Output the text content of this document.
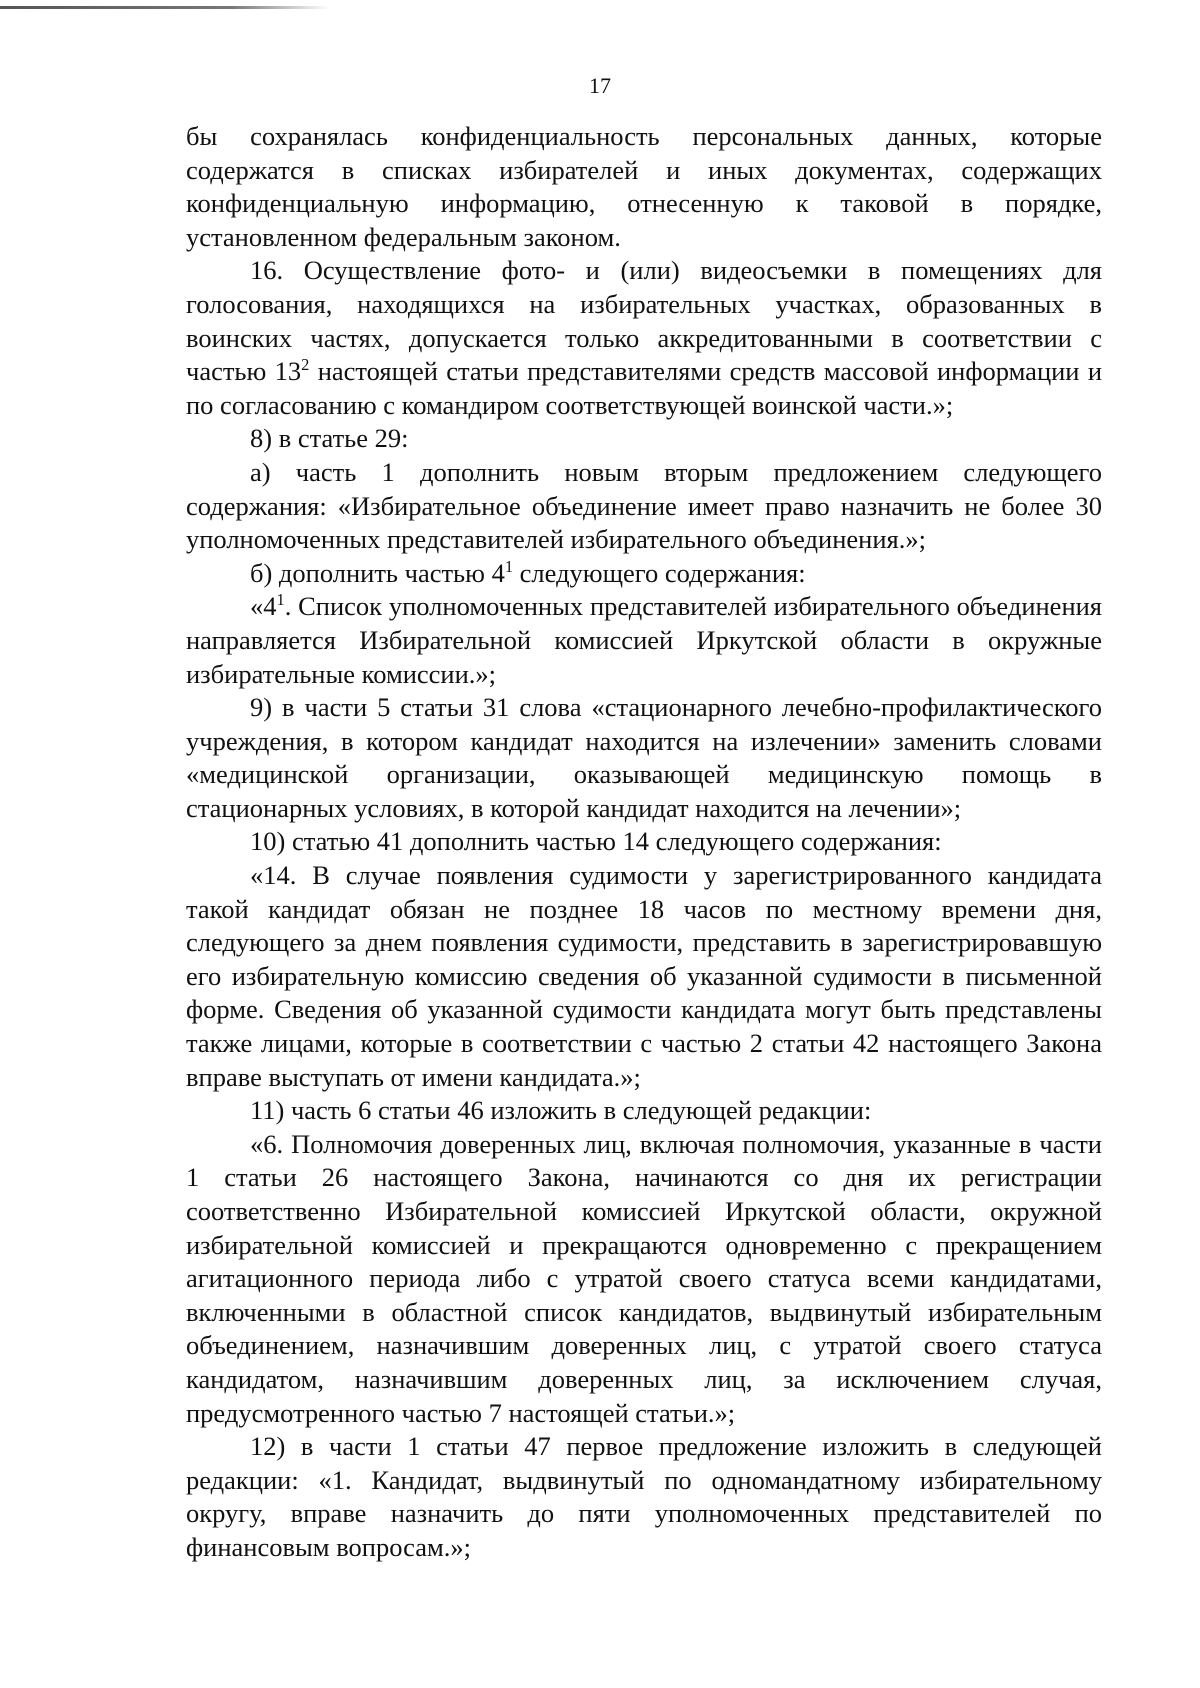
17

бы сохранялась конфиденциальность персональных данных, которые содержатся в списках избирателей и иных документах, содержащих конфиденциальную информацию, отнесенную к таковой в порядке, установленном федеральным законом.

16. Осуществление фото- и (или) видеосъемки в помещениях для голосования, находящихся на избирательных участках, образованных в воинских частях, допускается только аккредитованными в соответствии с частью $13^2$ настоящей статьи представителями средств массовой информации и по согласованию с командиром соответствующей воинской части.»;

8) в статье 29:

а) часть 1 дополнить новым вторым предложением следующего содержания: «Избирательное объединение имеет право назначить не более 30 уполномоченных представителей избирательного объединения.»;

б) дополнить частью $4^1$ следующего содержания:

«$4^1$. Список уполномоченных представителей избирательного объединения направляется Избирательной комиссией Иркутской области в окружные избирательные комиссии.»;

9) в части 5 статьи 31 слова «стационарного лечебно-профилактического учреждения, в котором кандидат находится на излечении» заменить словами «медицинской организации, оказывающей медицинскую помощь в стационарных условиях, в которой кандидат находится на лечении»;

10) статью 41 дополнить частью 14 следующего содержания:

«14. В случае появления судимости у зарегистрированного кандидата такой кандидат обязан не позднее 18 часов по местному времени дня, следующего за днем появления судимости, представить в зарегистрировавшую его избирательную комиссию сведения об указанной судимости в письменной форме. Сведения об указанной судимости кандидата могут быть представлены также лицами, которые в соответствии с частью 2 статьи 42 настоящего Закона вправе выступать от имени кандидата.»;

11) часть 6 статьи 46 изложить в следующей редакции:

«6. Полномочия доверенных лиц, включая полномочия, указанные в части 1 статьи 26 настоящего Закона, начинаются со дня их регистрации соответственно Избирательной комиссией Иркутской области, окружной избирательной комиссией и прекращаются одновременно с прекращением агитационного периода либо с утратой своего статуса всеми кандидатами, включенными в областной список кандидатов, выдвинутый избирательным объединением, назначившим доверенных лиц, с утратой своего статуса кандидатом, назначившим доверенных лиц, за исключением случая, предусмотренного частью 7 настоящей статьи.»;

12) в части 1 статьи 47 первое предложение изложить в следующей редакции: «1. Кандидат, выдвинутый по одномандатному избирательному округу, вправе назначить до пяти уполномоченных представителей по финансовым вопросам.»;
